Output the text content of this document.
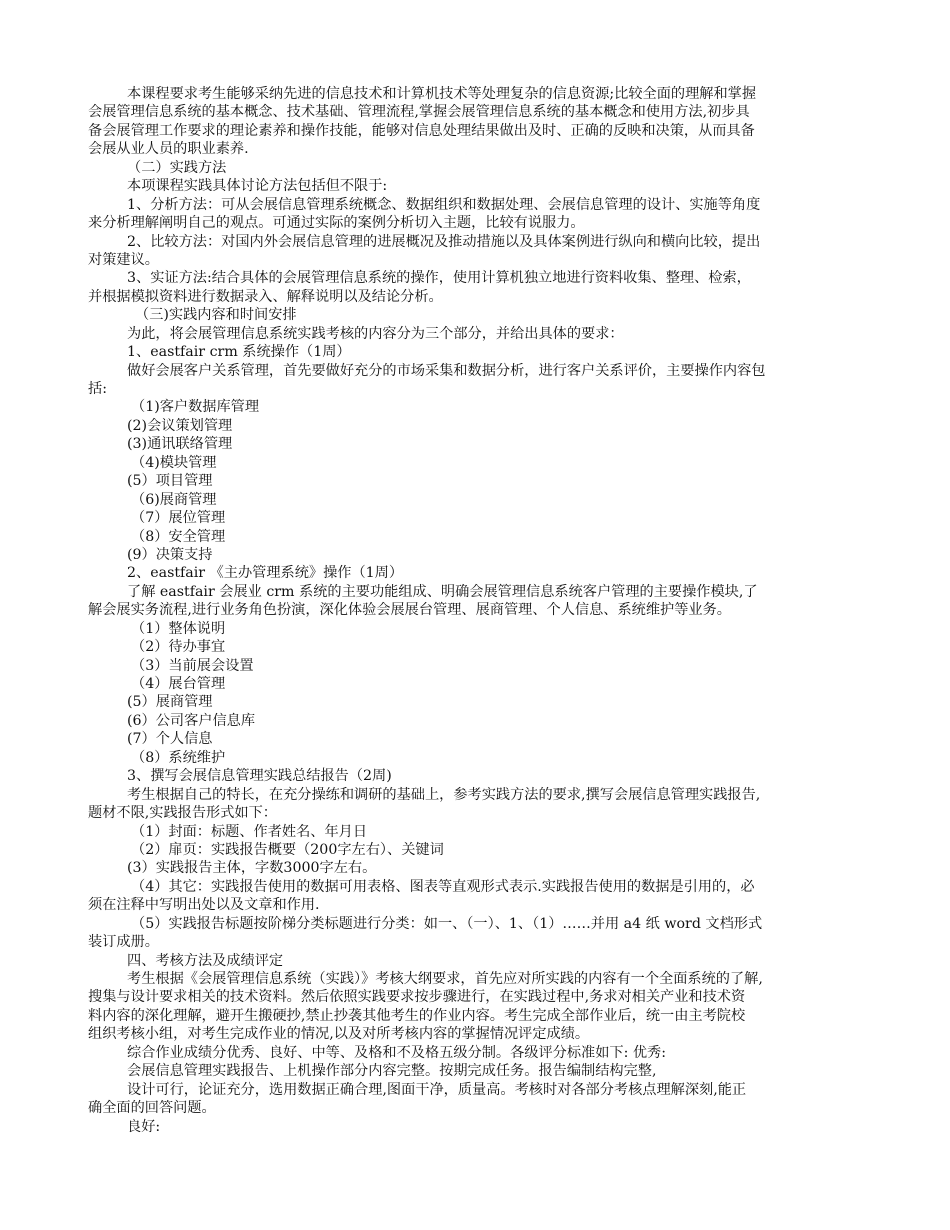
本课程要求考生能够采纳先进的信息技术和计算机技术等处理复杂的信息资源;比较全面的理解和掌握
会展管理信息系统的基本概念、技术基础、管理流程,掌握会展管理信息系统的基本概念和使用方法,初步具
备会展管理工作要求的理论素养和操作技能，能够对信息处理结果做出及时、正确的反映和决策，从而具备
会展从业人员的职业素养.
（二）实践方法
本项课程实践具体讨论方法包括但不限于:
1、分析方法：可从会展信息管理系统概念、数据组织和数据处理、会展信息管理的设计、实施等角度
来分析理解阐明自己的观点。可通过实际的案例分析切入主题，比较有说服力。
2、比较方法：对国内外会展信息管理的进展概况及推动措施以及具体案例进行纵向和横向比较，提出
对策建议。
3、实证方法:结合具体的会展管理信息系统的操作，使用计算机独立地进行资料收集、整理、检索，
并根据模拟资料进行数据录入、解释说明以及结论分析。
（三)实践内容和时间安排
为此，将会展管理信息系统实践考核的内容分为三个部分，并给出具体的要求：
1、eastfair crm 系统操作（1周）
做好会展客户关系管理，首先要做好充分的市场采集和数据分析，进行客户关系评价，主要操作内容包
括:
（1)客户数据库管理
(2)会议策划管理
(3)通讯联络管理
（4)模块管理
(5）项目管理
（6)展商管理
（7）展位管理
（8）安全管理
(9）决策支持
2、eastfair 《主办管理系统》操作（1周）
了解 eastfair 会展业 crm 系统的主要功能组成、明确会展管理信息系统客户管理的主要操作模块,了
解会展实务流程,进行业务角色扮演，深化体验会展展台管理、展商管理、个人信息、系统维护等业务。
（1）整体说明
（2）待办事宜
（3）当前展会设置
（4）展台管理
(5）展商管理
(6）公司客户信息库
(7）个人信息
（8）系统维护
3、撰写会展信息管理实践总结报告（2周)
考生根据自己的特长，在充分操练和调研的基础上，参考实践方法的要求,撰写会展信息管理实践报告,
题材不限,实践报告形式如下：
（1）封面：标题、作者姓名、年月日
（2）扉页：实践报告概要（200字左右）、关键词
(3）实践报告主体，字数3000字左右。
（4）其它：实践报告使用的数据可用表格、图表等直观形式表示.实践报告使用的数据是引用的，必
须在注释中写明出处以及文章和作用.
（5）实践报告标题按阶梯分类标题进行分类：如一、（一）、1、（1）……并用 a4 纸 word 文档形式
装订成册。
四、考核方法及成绩评定
考生根据《会展管理信息系统（实践）》考核大纲要求，首先应对所实践的内容有一个全面系统的了解,
搜集与设计要求相关的技术资料。然后依照实践要求按步骤进行，在实践过程中,务求对相关产业和技术资
料内容的深化理解，避开生搬硬抄,禁止抄袭其他考生的作业内容。考生完成全部作业后，统一由主考院校
组织考核小组，对考生完成作业的情况,以及对所考核内容的掌握情况评定成绩。
综合作业成绩分优秀、良好、中等、及格和不及格五级分制。各级评分标准如下: 优秀:
会展信息管理实践报告、上机操作部分内容完整。按期完成任务。报告编制结构完整,
设计可行，论证充分，选用数据正确合理,图面干净，质量高。考核时对各部分考核点理解深刻,能正
确全面的回答问题。
良好:
